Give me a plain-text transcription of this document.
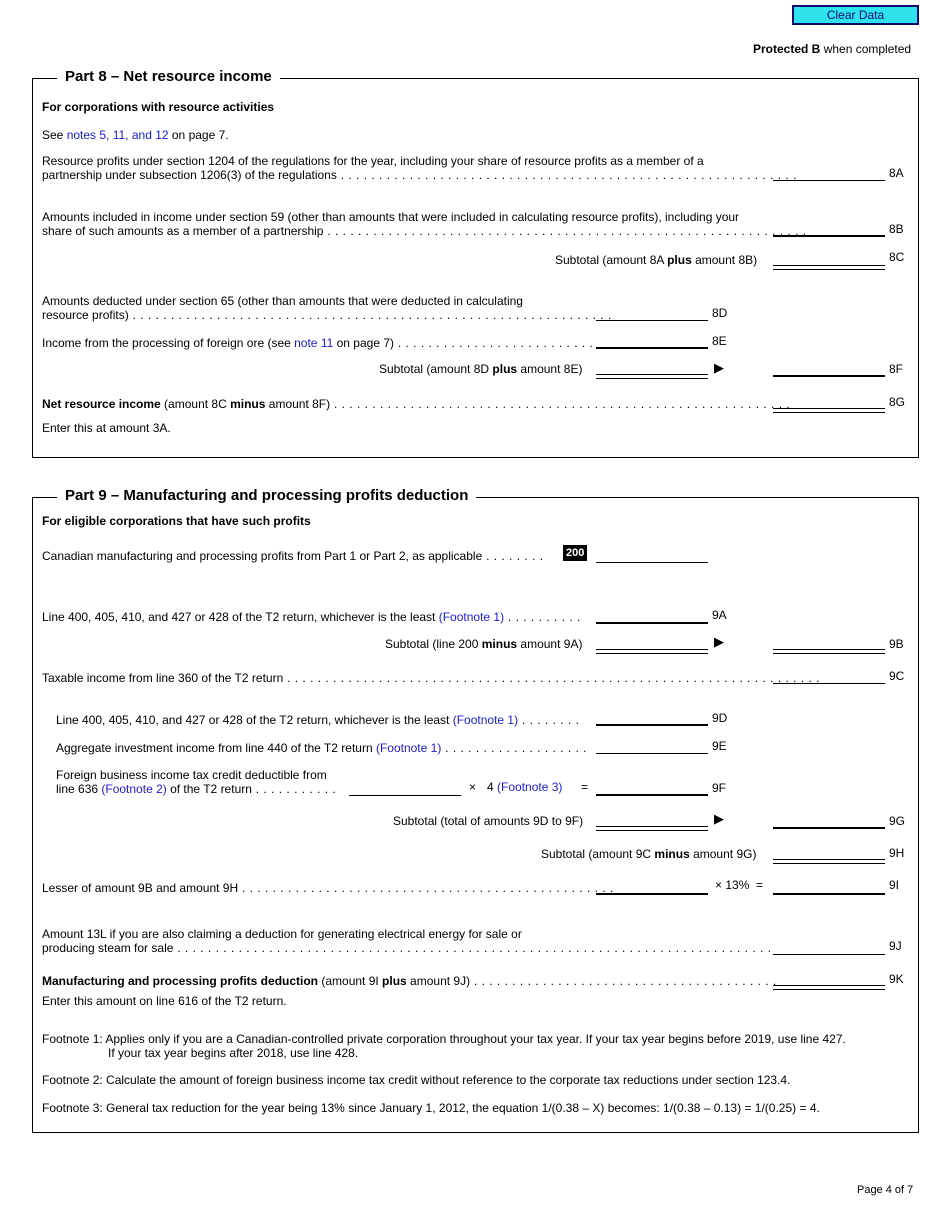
Clear Data
Protected B when completed
Part 8 – Net resource income
For corporations with resource activities
See notes 5, 11, and 12 on page 7.
Resource profits under section 1204 of the regulations for the year, including your share of resource profits as a member of a
partnership under subsection 1206(3) of the regulations . . . . . . . . . . . . . . . . . . . . . . . . . . . . . . . . . . . . . . . . . . . . . . . . . . . . . . . . . . . .	8A
Amounts included in income under section 59 (other than amounts that were included in calculating resource profits), including your
share of such amounts as a member of a partnership . . . . . . . . . . . . . . . . . . . . . . . . . . . . . . . . . . . . . . . . . . . . . . . . . . . . . . . . . . . . . . .	8B
Subtotal (amount 8A plus amount 8B)	8C
Amounts deducted under section 65 (other than amounts that were deducted in calculating
resource profits) . . . . . . . . . . . . . . . . . . . . . . . . . . . . . . . . . . . . . . . . . . . . . . . . . . . . . . . . . . . . . . .	8D
Income from the processing of foreign ore (see note 11 on page 7) . . . . . . . . . . . . . . . . . . . . . . . . . .	8E
Subtotal (amount 8D plus amount 8E)	▶	8F
Net resource income (amount 8C minus amount 8F) . . . . . . . . . . . . . . . . . . . . . . . . . . . . . . . . . . . . . . . . . . . . . . . . . . . . . . . . . . . .	8G
Enter this at amount 3A.
Part 9 – Manufacturing and processing profits deduction
For eligible corporations that have such profits
Canadian manufacturing and processing profits from Part 1 or Part 2, as applicable . . . . . . . . 200
Line 400, 405, 410, and 427 or 428 of the T2 return, whichever is the least (Footnote 1) . . . . . . . . . .	9A
Subtotal (line 200 minus amount 9A)	▶	9B
Taxable income from line 360 of the T2 return . . . . . . . . . . . . . . . . . . . . . . . . . . . . . . . . . . . . . . . . . . . . . . . . . . . . . . . . . . . . . . . . . . . . . .	9C
Line 400, 405, 410, and 427 or 428 of the T2 return, whichever is the least (Footnote 1) . . . . . . . .	9D
Aggregate investment income from line 440 of the T2 return (Footnote 1) . . . . . . . . . . . . . . . . . . .	9E
Foreign business income tax credit deductible from
line 636 (Footnote 2) of the T2 return . . . . . . . . . . .	× 4 (Footnote 3) =	9F
Subtotal (total of amounts 9D to 9F)	▶	9G
Subtotal (amount 9C minus amount 9G)	9H
Lesser of amount 9B and amount 9H . . . . . . . . . . . . . . . . . . . . . . . . . . . . . . . . . . . . . . . . . . . . . . . . .	× 13%  =	9I
Amount 13L if you are also claiming a deduction for generating electrical energy for sale or
producing steam for sale . . . . . . . . . . . . . . . . . . . . . . . . . . . . . . . . . . . . . . . . . . . . . . . . . . . . . . . . . . . . . . . . . . . . . . . . . . . . . .	9J
Manufacturing and processing profits deduction (amount 9I plus amount 9J) . . . . . . . . . . . . . . . . . . . . . . . . . . . . . . . . . . . . . . . .	9K
Enter this amount on line 616 of the T2 return.
Footnote 1: Applies only if you are a Canadian-controlled private corporation throughout your tax year. If your tax year begins before 2019, use line 427.
If your tax year begins after 2018, use line 428.
Footnote 2: Calculate the amount of foreign business income tax credit without reference to the corporate tax reductions under section 123.4.
Footnote 3: General tax reduction for the year being 13% since January 1, 2012, the equation 1/(0.38 – X) becomes: 1/(0.38 – 0.13) = 1/(0.25) = 4.
Page 4 of 7
